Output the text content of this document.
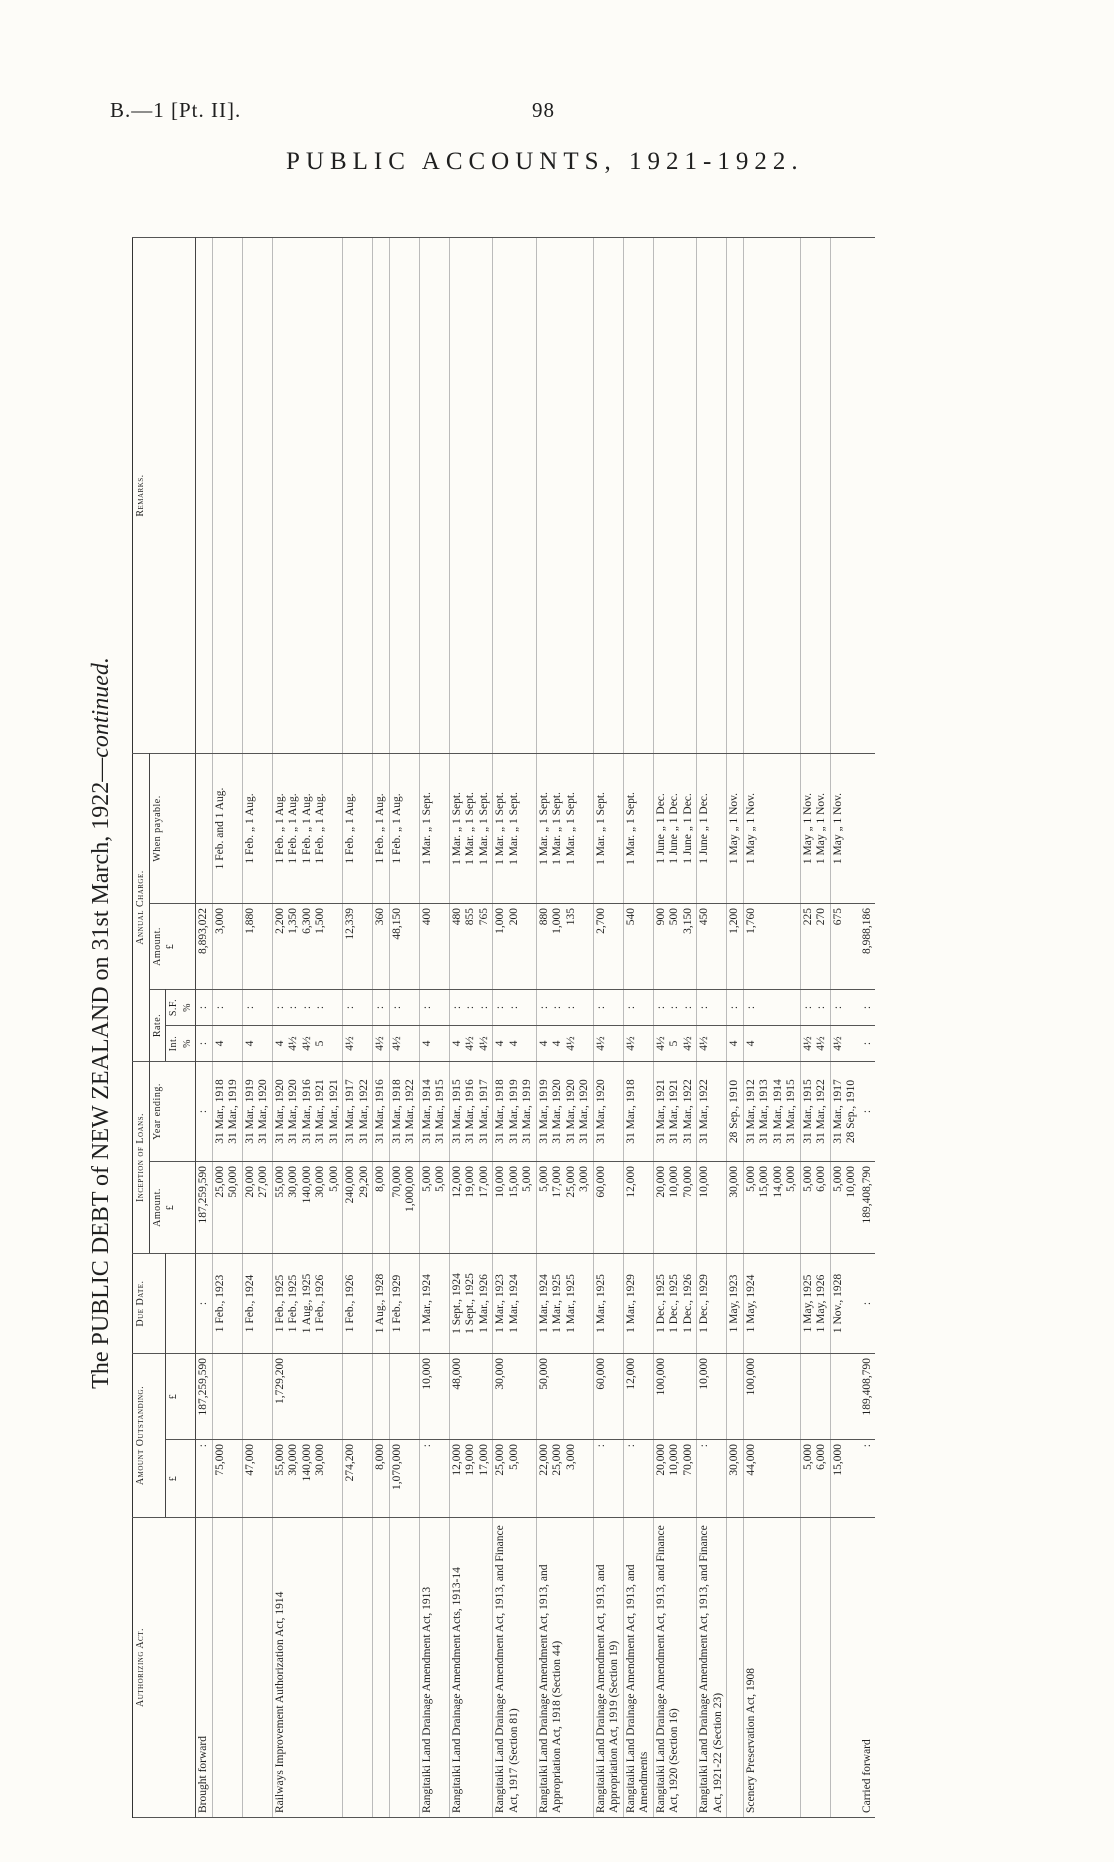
B.—1 [Pt. II].	98
PUBLIC ACCOUNTS, 1921-1922.
The PUBLIC DEBT of NEW ZEALAND on 31st March, 1922—continued.
Authorizing Act.	Amount Outstanding.		Due Date.	Inception of Loans.		Annual Charge.				Remarks.
				Amount. £	Year ending.	Rate.		Amount. £	When payable.	
	£	£				Int. %	S.F. %			

Brought forward	:	187,259,590	:	187,259,590	:	:	:	8,893,022		

	75,000		1 Feb., 1923	25,000 50,000	31 Mar., 1918 31 Mar., 1919	4	:	3,000	1 Feb. and 1 Aug.	

	47,000		1 Feb., 1924	20,000 27,000	31 Mar., 1919 31 Mar., 1920	4	:	1,880	1 Feb. „ 1 Aug.	

Railways Improvement Authorization Act, 1914	55,000 30,000 140,000 30,000	1,729,200	1 Feb., 1925 1 Feb., 1925 1 Aug., 1925 1 Feb., 1926	55,000 30,000 140,000 30,000 5,000	31 Mar., 1920 31 Mar., 1920 31 Mar., 1916 31 Mar., 1921 31 Mar., 1921	4 4½ 4½ 5	: : : :	2,200 1,350 6,300 1,500	1 Feb. „ 1 Aug. 1 Feb. „ 1 Aug. 1 Feb. „ 1 Aug. 1 Feb. „ 1 Aug.	

	274,200		1 Feb., 1926	240,000 29,200	31 Mar., 1917 31 Mar., 1922	4½	:	12,339	1 Feb. „ 1 Aug.	

	8,000		1 Aug., 1928	8,000	31 Mar., 1916	4½	:	360	1 Feb. „ 1 Aug.	

	1,070,000		1 Feb., 1929	70,000 1,000,000	31 Mar., 1918 31 Mar., 1922	4½	:	48,150	1 Feb. „ 1 Aug.	

Rangitaiki Land Drainage Amendment Act, 1913	:	10,000	1 Mar., 1924	5,000 5,000	31 Mar., 1914 31 Mar., 1915	4	:	400	1 Mar. „ 1 Sept.	

Rangitaiki Land Drainage Amendment Acts, 1913-14	12,000 19,000 17,000	48,000	1 Sept., 1924 1 Sept., 1925 1 Mar., 1926	12,000 19,000 17,000	31 Mar., 1915 31 Mar., 1916 31 Mar., 1917	4 4½ 4½	: : :	480 855 765	1 Mar. „ 1 Sept. 1 Mar. „ 1 Sept. 1 Mar. „ 1 Sept.	

Rangitaiki Land Drainage Amendment Act, 1913, and Finance Act, 1917 (Section 81)	25,000 5,000	30,000	1 Mar., 1923 1 Mar., 1924	10,000 15,000 5,000	31 Mar., 1918 31 Mar., 1919 31 Mar., 1919	4 4	: :	1,000 200	1 Mar. „ 1 Sept. 1 Mar. „ 1 Sept.	

Rangitaiki Land Drainage Amendment Act, 1913, and Appropriation Act, 1918 (Section 44)	22,000 25,000 3,000	50,000	1 Mar., 1924 1 Mar., 1925 1 Mar., 1925	5,000 17,000 25,000 3,000	31 Mar., 1919 31 Mar., 1920 31 Mar., 1920 31 Mar., 1920	4 4 4½	: : :	880 1,000 135	1 Mar. „ 1 Sept. 1 Mar. „ 1 Sept. 1 Mar. „ 1 Sept.	

Rangitaiki Land Drainage Amendment Act, 1913, and Appropriation Act, 1919 (Section 19)	:	60,000	1 Mar., 1925	60,000	31 Mar., 1920	4½	:	2,700	1 Mar. „ 1 Sept.	

Rangitaiki Land Drainage Amendment Act, 1913, and Amendments	:	12,000	1 Mar., 1929	12,000	31 Mar., 1918	4½	:	540	1 Mar. „ 1 Sept.	

Rangitaiki Land Drainage Amendment Act, 1913, and Finance Act, 1920 (Section 16)	20,000 10,000 70,000	100,000	1 Dec., 1925 1 Dec., 1925 1 Dec., 1926	20,000 10,000 70,000	31 Mar., 1921 31 Mar., 1921 31 Mar., 1922	4½ 5 4½	: : :	900 500 3,150	1 June „ 1 Dec. 1 June „ 1 Dec. 1 June „ 1 Dec.	

Rangitaiki Land Drainage Amendment Act, 1913, and Finance Act, 1921-22 (Section 23)	:	10,000	1 Dec., 1929	10,000	31 Mar., 1922	4½	:	450	1 June „ 1 Dec.	

	30,000		1 May, 1923	30,000	28 Sep., 1910	4	:	1,200	1 May „ 1 Nov.	

Scenery Preservation Act, 1908	44,000	100,000	1 May, 1924	5,000 15,000 14,000 5,000	31 Mar., 1912 31 Mar., 1913 31 Mar., 1914 31 Mar., 1915	4	:	1,760	1 May „ 1 Nov.	

	5,000 6,000		1 May, 1925 1 May, 1926	5,000 6,000	31 Mar., 1915 31 Mar., 1922	4½ 4½	: :	225 270	1 May „ 1 Nov. 1 May „ 1 Nov.	

	15,000		1 Nov., 1928	5,000 10,000	31 Mar., 1917 28 Sep., 1910	4½	:	675	1 May „ 1 Nov.	

Carried forward	:	189,408,790	:	189,408,790	:	:	:	8,988,186		
